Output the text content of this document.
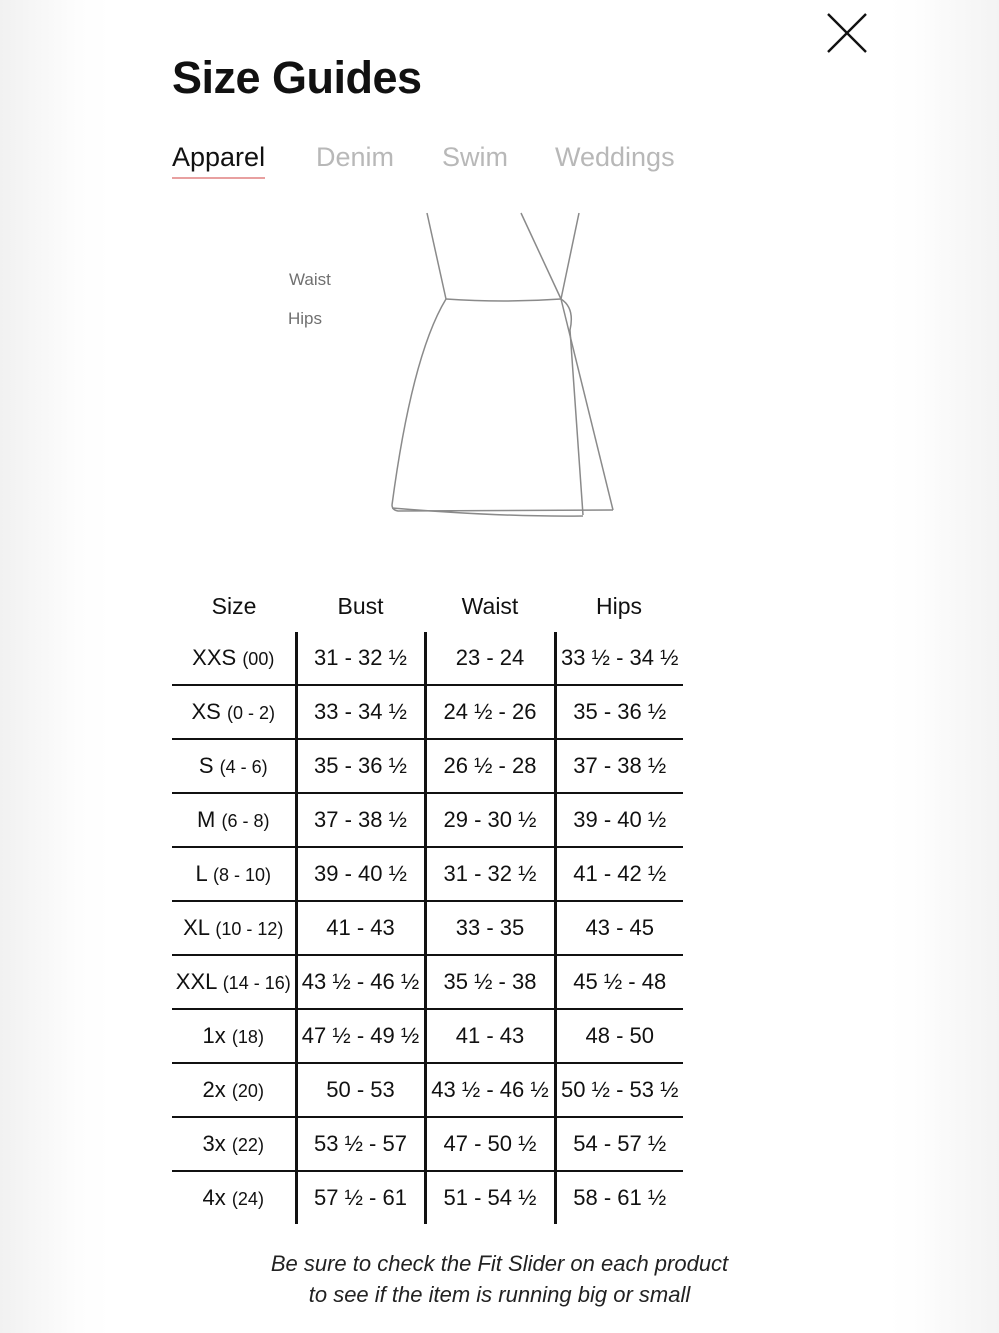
Size Guides
Apparel Denim Swim Weddings
Waist
Hips
Size	Bust	Waist	Hips
XXS (00)	31 - 32 ½	23 - 24	33 ½ - 34 ½
XS (0 - 2)	33 - 34 ½	24 ½ - 26	35 - 36 ½
S (4 - 6)	35 - 36 ½	26 ½ - 28	37 - 38 ½
M (6 - 8)	37 - 38 ½	29 - 30 ½	39 - 40 ½
L (8 - 10)	39 - 40 ½	31 - 32 ½	41 - 42 ½
XL (10 - 12)	41 - 43	33 - 35	43 - 45
XXL (14 - 16)	43 ½ - 46 ½	35 ½ - 38	45 ½ - 48
1x (18)	47 ½ - 49 ½	41 - 43	48 - 50
2x (20)	50 - 53	43 ½ - 46 ½	50 ½ - 53 ½
3x (22)	53 ½ - 57	47 - 50 ½	54 - 57 ½
4x (24)	57 ½ - 61	51 - 54 ½	58 - 61 ½
Be sure to check the Fit Slider on each product
to see if the item is running big or small
